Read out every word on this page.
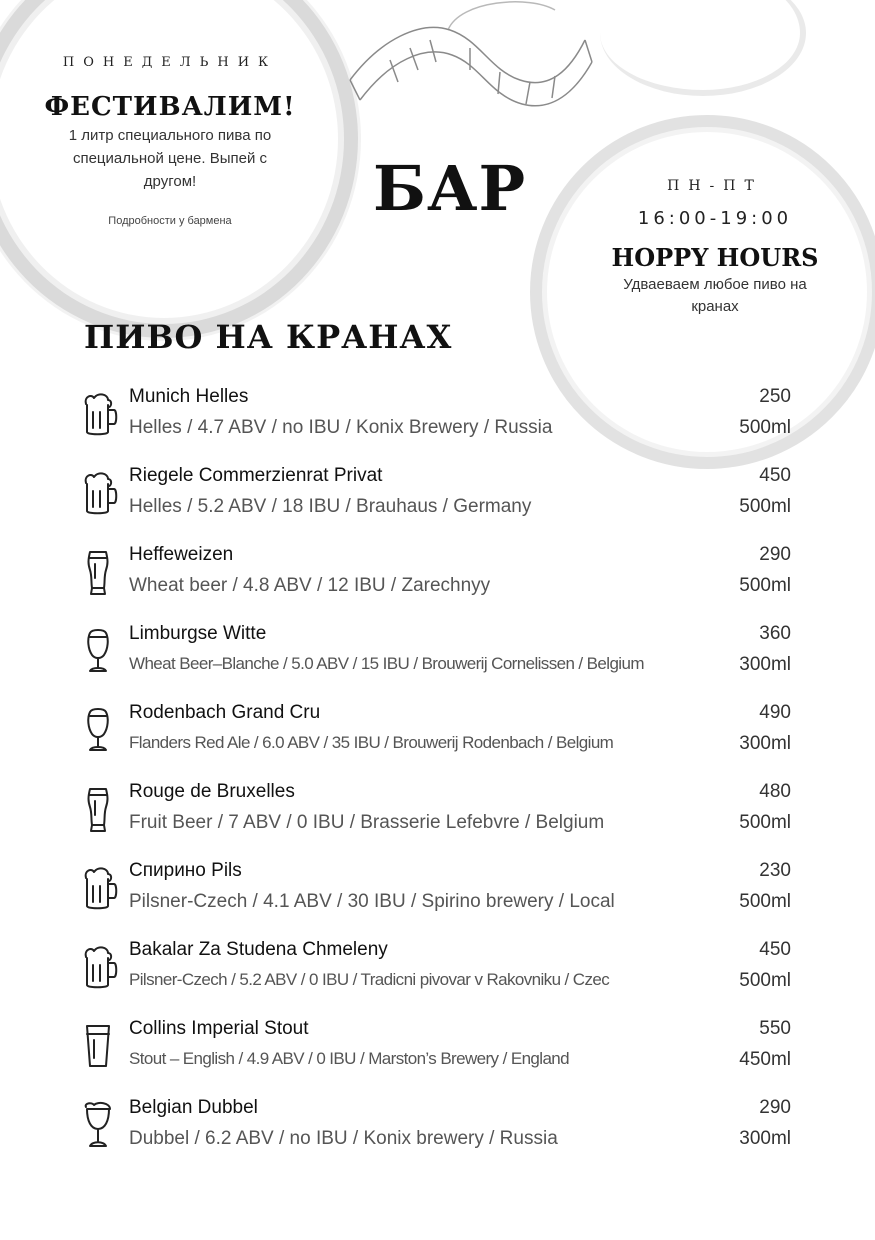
ПОНЕДЕЛЬНИК
ФЕСТИВАЛИМ!
1 литр специального пива по специальной цене. Выпей с другом!
Подробности у бармена	БАР	ПН-ПТ
16:00-19:00
HOPPY HOURS
Удваеваем любое пиво на кранах
ПИВО НА КРАНАХ
Munich Helles
Helles / 4.7 ABV / no IBU / Konix Brewery / Russia
250
500ml
Riegele Commerzienrat Privat
Helles / 5.2 ABV / 18 IBU / Brauhaus / Germany
450
500ml
Heffeweizen
Wheat beer / 4.8 ABV / 12 IBU / Zarechnyy
290
500ml
Limburgse Witte
Wheat Beer–Blanche / 5.0 ABV / 15 IBU / Brouwerij Cornelissen / Belgium
360
300ml
Rodenbach Grand Cru
Flanders Red Ale / 6.0 ABV / 35 IBU / Brouwerij Rodenbach / Belgium
490
300ml
Rouge de Bruxelles
Fruit Beer / 7 ABV / 0 IBU / Brasserie Lefebvre / Belgium
480
500ml
Спирино Pils
Pilsner-Czech / 4.1 ABV / 30 IBU / Spirino brewery / Local
230
500ml
Bakalar Za Studena Chmeleny
Pilsner-Czech / 5.2 ABV / 0 IBU / Tradicni pivovar v Rakovniku / Czec
450
500ml
Collins Imperial Stout
Stout – English / 4.9 ABV / 0 IBU / Marston’s Brewery / England
550
450ml
Belgian Dubbel
Dubbel / 6.2 ABV / no IBU / Konix brewery / Russia
290
300ml
